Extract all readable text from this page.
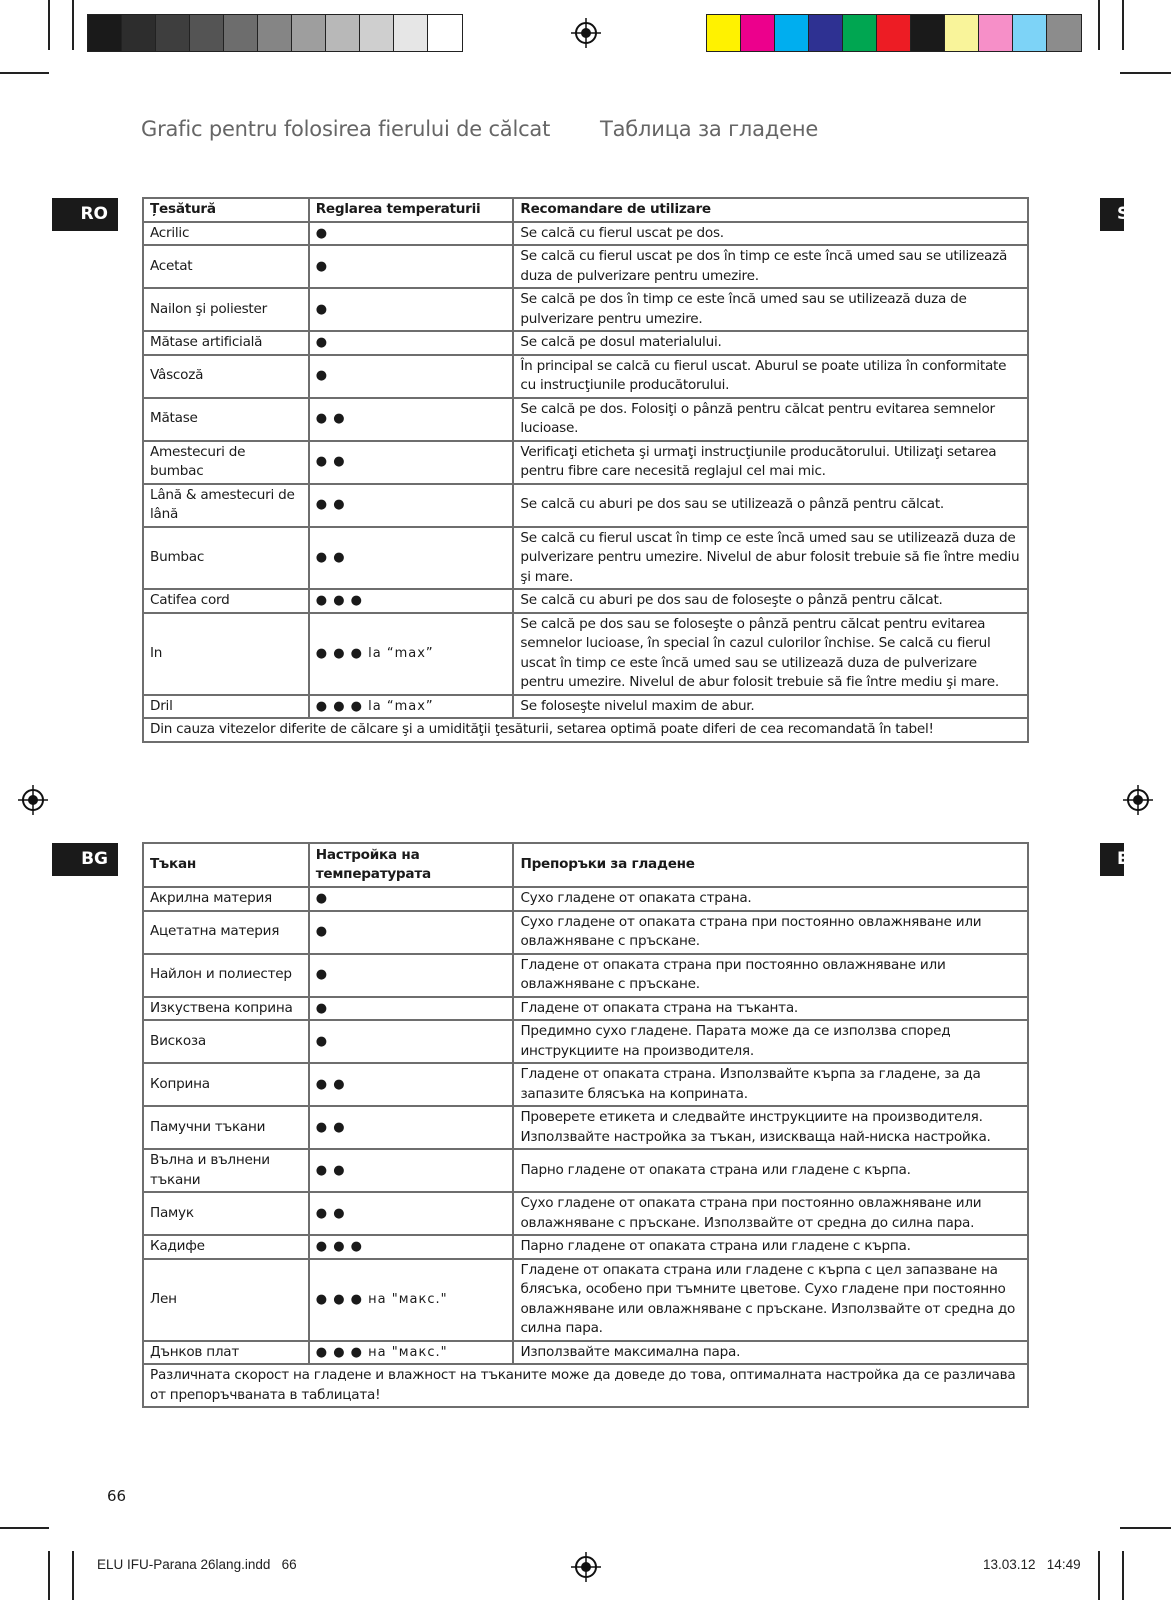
Grafic pentru folosirea fierului de călcat Таблица за гладене
RO	S
Țesătură	Reglarea temperaturii	Recomandare de utilizare
Acrilic	●	Se calcă cu fierul uscat pe dos.
Acetat	●	Se calcă cu fierul uscat pe dos în timp ce este încă umed sau se utilizează duza de pulverizare pentru umezire.
Nailon şi poliester	●	Se calcă pe dos în timp ce este încă umed sau se utilizează duza de pulverizare pentru umezire.
Mătase artificială	●	Se calcă pe dosul materialului.
Vâscoză	●	În principal se calcă cu fierul uscat. Aburul se poate utiliza în conformitate cu instrucţiunile producătorului.
Mătase	● ●	Se calcă pe dos. Folosiţi o pânză pentru călcat pentru evitarea semnelor lucioase.
Amestecuri de bumbac	● ●	Verificaţi eticheta şi urmaţi instrucţiunile producătorului. Utilizaţi setarea pentru fibre care necesită reglajul cel mai mic.
Lână & amestecuri de lână	● ●	Se calcă cu aburi pe dos sau se utilizează o pânză pentru călcat.
Bumbac	● ●	Se calcă cu fierul uscat în timp ce este încă umed sau se utilizează duza de pulverizare pentru umezire. Nivelul de abur folosit trebuie să fie între mediu şi mare.
Catifea cord	● ● ●	Se calcă cu aburi pe dos sau de foloseşte o pânză pentru călcat.
In	● ● ● la “max”	Se calcă pe dos sau se foloseşte o pânză pentru călcat pentru evitarea semnelor lucioase, în special în cazul culorilor închise. Se calcă cu fierul uscat în timp ce este încă umed sau se utilizează duza de pulverizare pentru umezire. Nivelul de abur folosit trebuie să fie între mediu şi mare.
Dril	● ● ● la “max”	Se foloseşte nivelul maxim de abur.
Din cauza vitezelor diferite de călcare şi a umidităţii ţesăturii, setarea optimă poate diferi de cea recomandată în tabel!		
BG	E
Тъкан	Настройка на температурата	Препоръки за гладене
Акрилна материя	●	Сухо гладене от опаката страна.
Ацетатна материя	●	Сухо гладене от опаката страна при постоянно овлажняване или овлажняване с пръскане.
Найлон и полиестер	●	Гладене от опаката страна при постоянно овлажняване или овлажняване с пръскане.
Изкуствена коприна	●	Гладене от опаката страна на тъканта.
Вискоза	●	Предимно сухо гладене. Парата може да се използва според инструкциите на производителя.
Коприна	● ●	Гладене от опаката страна. Използвайте кърпа за гладене, за да запазите блясъка на коприната.
Памучни тъкани	● ●	Проверете етикета и следвайте инструкциите на производителя. Използвайте настройка за тъкан, изискваща най-ниска настройка.
Вълна и вълнени тъкани	● ●	Парно гладене от опаката страна или гладене с кърпа.
Памук	● ●	Сухо гладене от опаката страна при постоянно овлажняване или овлажняване с пръскане. Използвайте от средна до силна пара.
Кадифе	● ● ●	Парно гладене от опаката страна или гладене с кърпа.
Лен	● ● ● на "макс."	Гладене от опаката страна или гладене с кърпа с цел запазване на блясъка, особено при тъмните цветове. Сухо гладене при постоянно овлажняване или овлажняване с пръскане. Използвайте от средна до силна пара.
Дънков плат	● ● ● на "макс."	Използвайте максимална пара.
Различната скорост на гладене и влажност на тъканите може да доведе до това, оптималната настройка да се различава от препоръчваната в таблицата!		
66
ELU IFU-Parana 26lang.indd   66	13.03.12   14:49
